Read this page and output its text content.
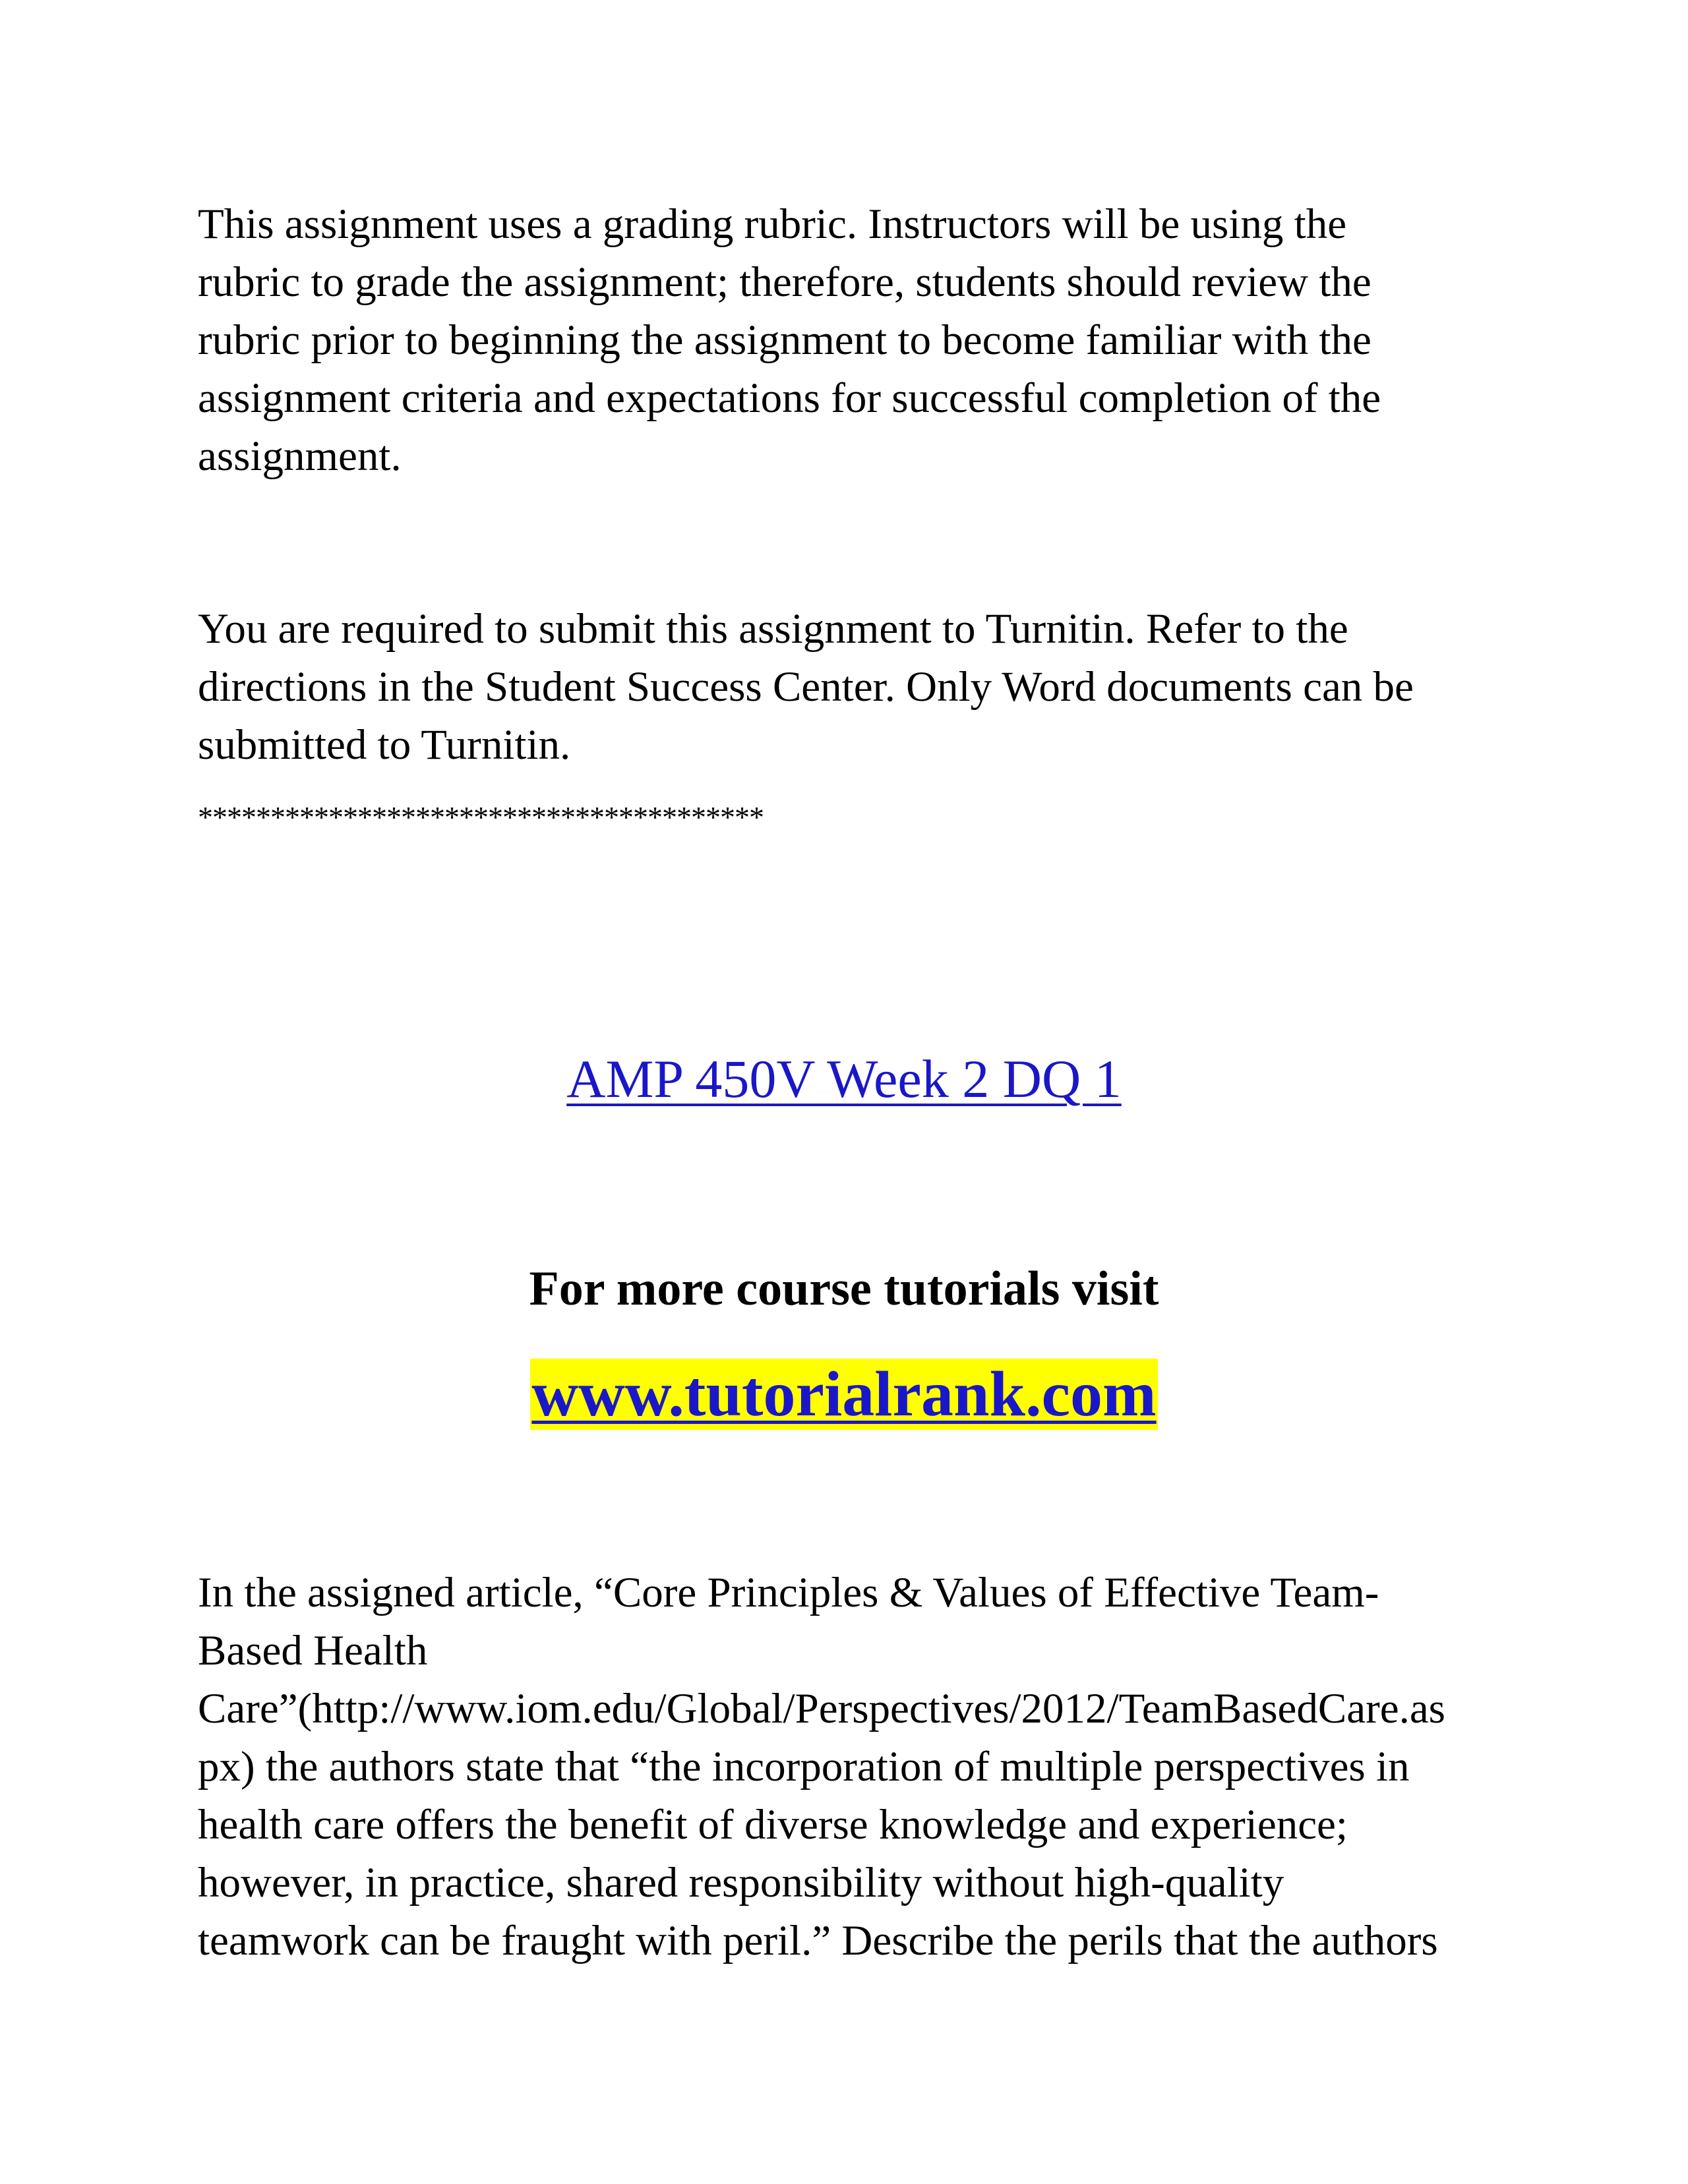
This assignment uses a grading rubric. Instructors will be using the
rubric to grade the assignment; therefore, students should review the
rubric prior to beginning the assignment to become familiar with the
assignment criteria and expectations for successful completion of the
assignment.
You are required to submit this assignment to Turnitin. Refer to the
directions in the Student Success Center. Only Word documents can be
submitted to Turnitin.
***************************************
AMP 450V Week 2 DQ 1
For more course tutorials visit
www.tutorialrank.com
In the assigned article, “Core Principles & Values of Effective Team-
Based Health
Care”(http://www.iom.edu/Global/Perspectives/2012/TeamBasedCare.as
px) the authors state that “the incorporation of multiple perspectives in
health care offers the benefit of diverse knowledge and experience;
however, in practice, shared responsibility without high-quality
teamwork can be fraught with peril.” Describe the perils that the authors
